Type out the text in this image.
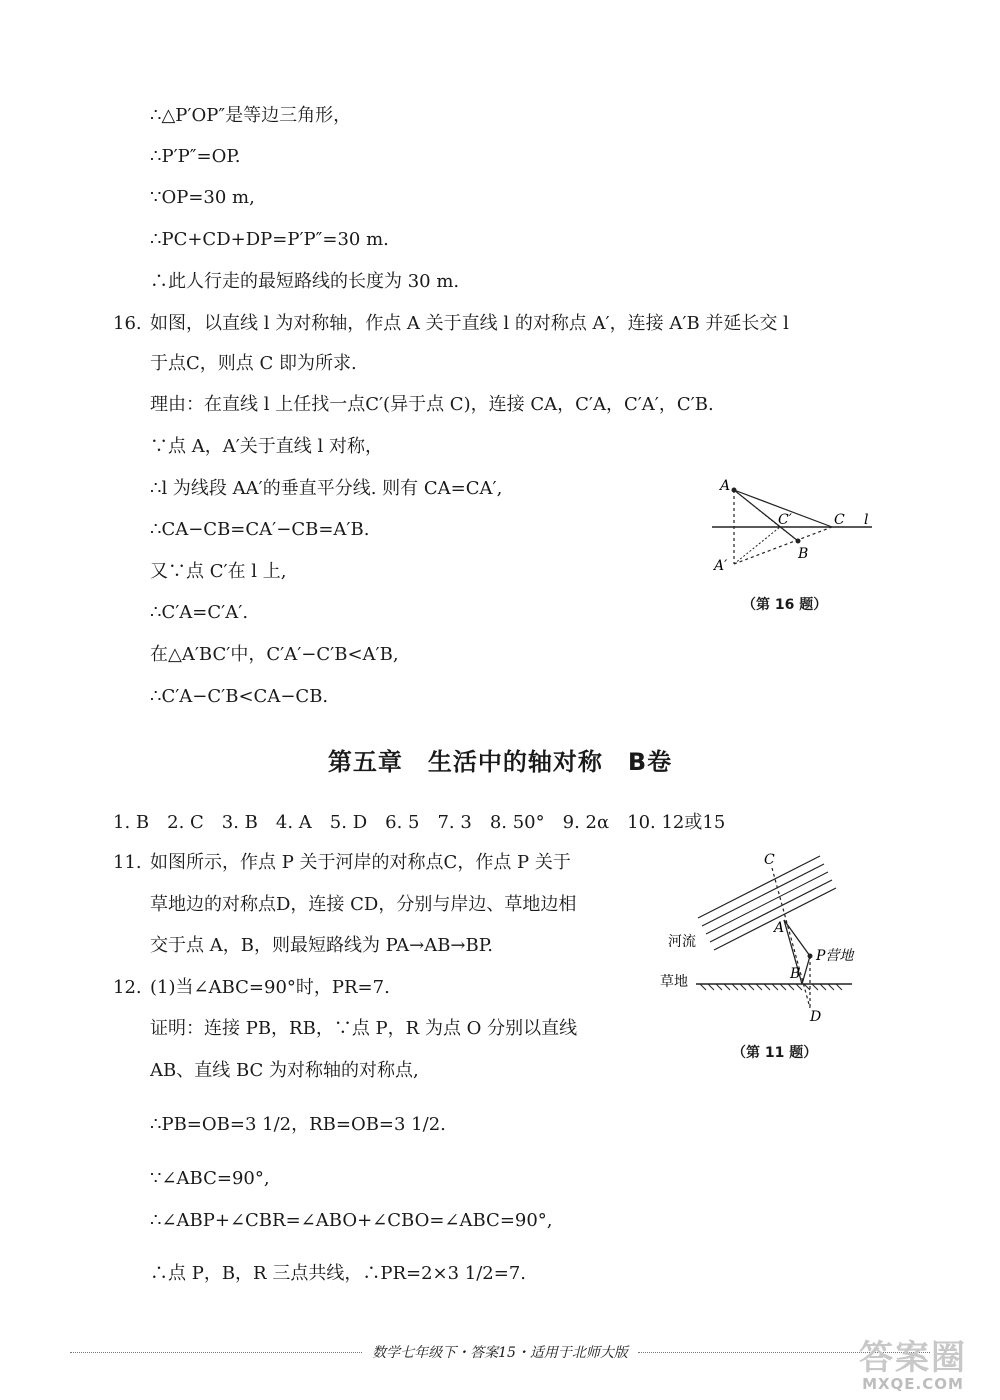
∴△P′OP″是等边三角形，
∴P′P″=OP.
∵OP=30 m,
∴PC+CD+DP=P′P″=30 m.
∴此人行走的最短路线的长度为 30 m.
16. 如图，以直线 l 为对称轴，作点 A 关于直线 l 的对称点 A′，连接 A′B 并延长交 l
于点C，则点 C 即为所求.
理由：在直线 l 上任找一点C′(异于点 C)，连接 CA，C′A，C′A′，C′B.
∵点 A，A′关于直线 l 对称，
∴l 为线段 AA′的垂直平分线. 则有 CA=CA′,
∴CA−CB=CA′−CB=A′B.
又∵点 C′在 l 上,
∴C′A=C′A′.
在△A′BC′中，C′A′−C′B<A′B,
∴C′A−C′B<CA−CB.
A
A′
B
C
C′	l
（第 16 题）
第五章　生活中的轴对称　B卷
1. B　2. C　3. B　4. A　5. D　6. 5　7. 3　8. 50°　9. 2α　10. 12或15
11. 如图所示，作点 P 关于河岸的对称点C，作点 P 关于
草地边的对称点D，连接 CD，分别与岸边、草地边相
交于点 A，B，则最短路线为 PA→AB→BP.
C
A
B
D
P营地
河流
草地
（第 11 题）
12. (1)当∠ABC=90°时，PR=7.
证明：连接 PB，RB，∵点 P，R 为点 O 分别以直线
AB、直线 BC 为对称轴的对称点,
∴PB=OB=3 1/2，RB=OB=3 1/2.
∵∠ABC=90°,
∴∠ABP+∠CBR=∠ABO+∠CBO=∠ABC=90°,
∴点 P，B，R 三点共线，∴PR=2×3 1/2=7.
数学七年级下・答案15・适用于北师大版	答案圈
MXQE.COM
